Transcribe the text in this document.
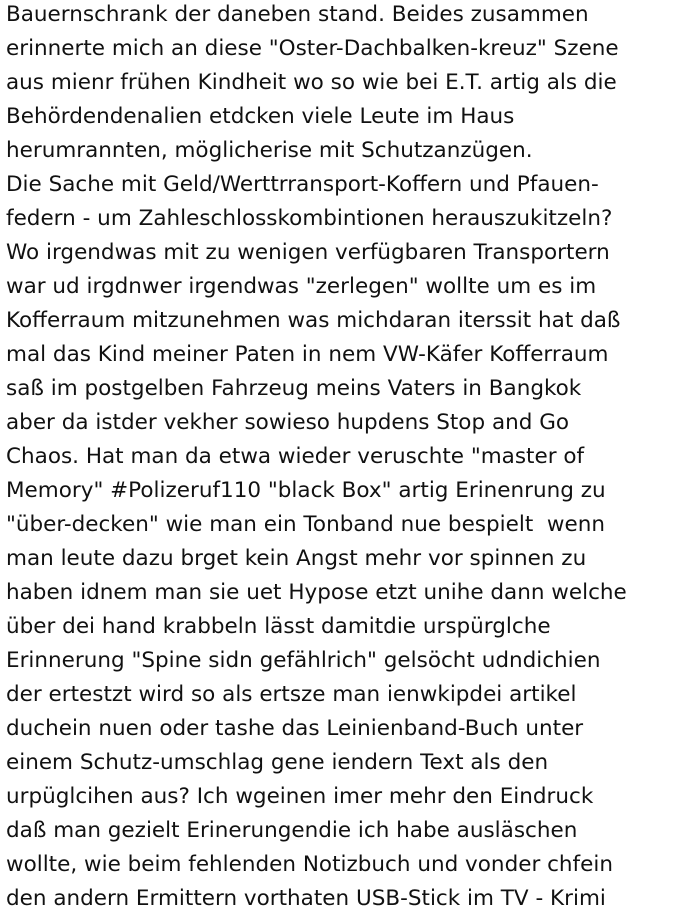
Bauernschrank der daneben stand. Beides zusammen
erinnerte mich an diese "Oster-Dachbalken-kreuz" Szene
aus mienr frühen Kindheit wo so wie bei E.T. artig als die
Behördendenalien etdcken viele Leute im Haus
herumrannten, möglicherise mit Schutzanzügen.
Die Sache mit Geld/Werttrransport-Koffern und Pfauen-
federn - um Zahleschlosskombintionen herauszukitzeln?
Wo irgendwas mit zu wenigen verfügbaren Transportern
war ud irgdnwer irgendwas "zerlegen" wollte um es im
Kofferraum mitzunehmen was michdaran iterssit hat daß
mal das Kind meiner Paten in nem VW-Käfer Kofferraum
saß im postgelben Fahrzeug meins Vaters in Bangkok
aber da istder vekher sowieso hupdens Stop and Go
Chaos. Hat man da etwa wieder veruschte "master of
Memory" #Polizeruf110 "black Box" artig Erinenrung zu
"über-decken" wie man ein Tonband nue bespielt  wenn
man leute dazu brget kein Angst mehr vor spinnen zu
haben idnem man sie uet Hypose etzt unihe dann welche
über dei hand krabbeln lässt damitdie urspürglche
Erinnerung "Spine sidn gefählrich" gelsöcht udndichien
der ertestzt wird so als ertsze man ienwkipdei artikel
duchein nuen oder tashe das Leinienband-Buch unter
einem Schutz-umschlag gene iendern Text als den
urpüglcihen aus? Ich wgeinen imer mehr den Eindruck
daß man gezielt Erinerungendie ich habe ausläschen
wollte, wie beim fehlenden Notizbuch und vonder chfein
den andern Ermittern vorthaten USB-Stick im TV - Krimi
